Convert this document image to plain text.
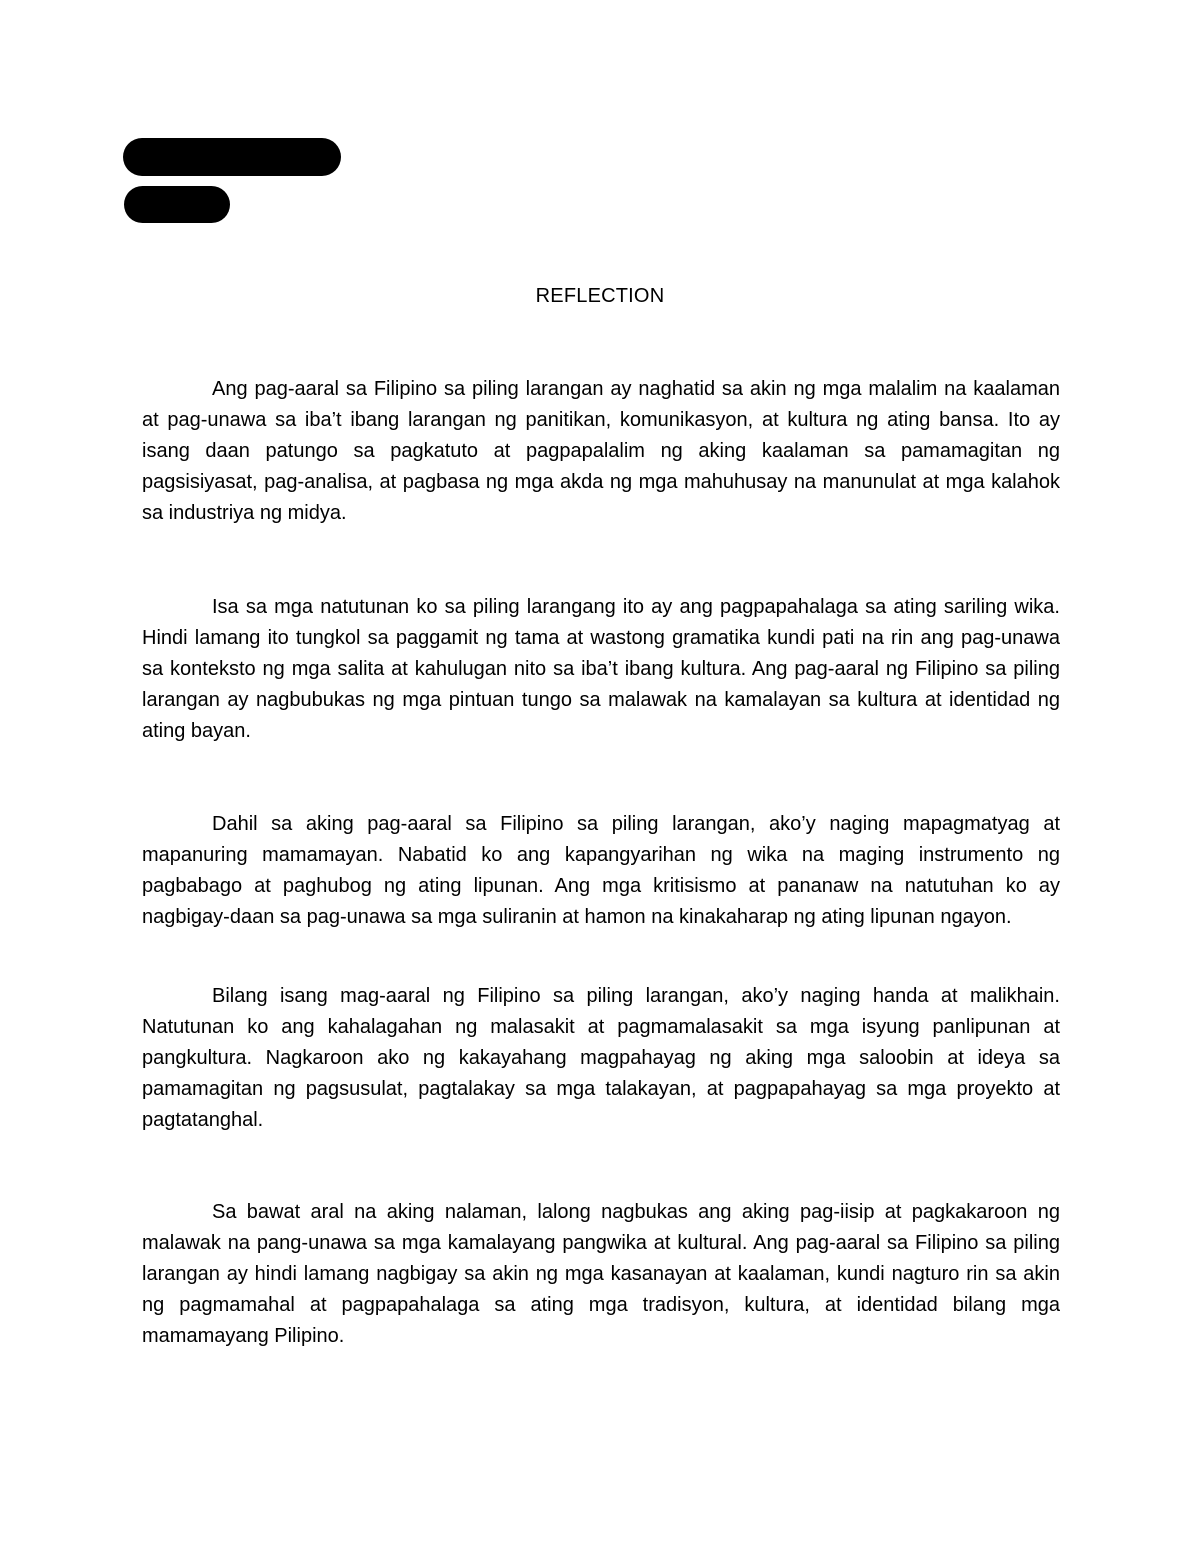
REFLECTION

Ang pag-aaral sa Filipino sa piling larangan ay naghatid sa akin ng mga malalim na kaalaman at pag-unawa sa iba’t ibang larangan ng panitikan, komunikasyon, at kultura ng ating bansa. Ito ay isang daan patungo sa pagkatuto at pagpapalalim ng aking kaalaman sa pamamagitan ng pagsisiyasat, pag-analisa, at pagbasa ng mga akda ng mga mahuhusay na manunulat at mga kalahok sa industriya ng midya.

Isa sa mga natutunan ko sa piling larangang ito ay ang pagpapahalaga sa ating sariling wika. Hindi lamang ito tungkol sa paggamit ng tama at wastong gramatika kundi pati na rin ang pag-unawa sa konteksto ng mga salita at kahulugan nito sa iba’t ibang kultura. Ang pag-aaral ng Filipino sa piling larangan ay nagbubukas ng mga pintuan tungo sa malawak na kamalayan sa kultura at identidad ng ating bayan.

Dahil sa aking pag-aaral sa Filipino sa piling larangan, ako’y naging mapagmatyag at mapanuring mamamayan. Nabatid ko ang kapangyarihan ng wika na maging instrumento ng pagbabago at paghubog ng ating lipunan. Ang mga kritisismo at pananaw na natutuhan ko ay nagbigay-daan sa pag-unawa sa mga suliranin at hamon na kinakaharap ng ating lipunan ngayon.

Bilang isang mag-aaral ng Filipino sa piling larangan, ako’y naging handa at malikhain. Natutunan ko ang kahalagahan ng malasakit at pagmamalasakit sa mga isyung panlipunan at pangkultura. Nagkaroon ako ng kakayahang magpahayag ng aking mga saloobin at ideya sa pamamagitan ng pagsusulat, pagtalakay sa mga talakayan, at pagpapahayag sa mga proyekto at pagtatanghal.

Sa bawat aral na aking nalaman, lalong nagbukas ang aking pag-iisip at pagkakaroon ng malawak na pang-unawa sa mga kamalayang pangwika at kultural. Ang pag-aaral sa Filipino sa piling larangan ay hindi lamang nagbigay sa akin ng mga kasanayan at kaalaman, kundi nagturo rin sa akin ng pagmamahal at pagpapahalaga sa ating mga tradisyon, kultura, at identidad bilang mga mamamayang Pilipino.
